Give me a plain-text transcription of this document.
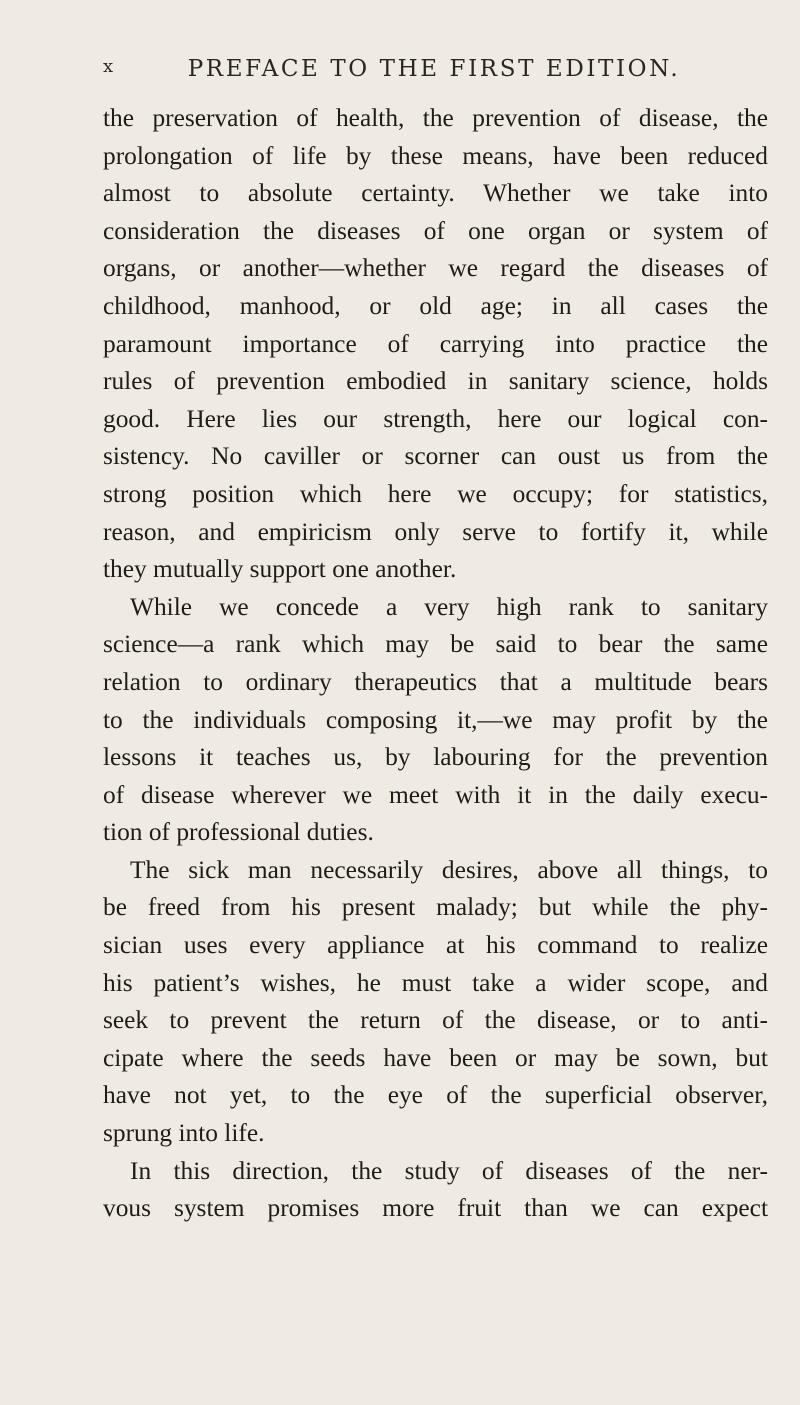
x	PREFACE TO THE FIRST EDITION.

the preservation of health, the prevention of disease, the
prolongation of life by these means, have been reduced
almost to absolute certainty. Whether we take into
consideration the diseases of one organ or system of
organs, or another—whether we regard the diseases of
childhood, manhood, or old age; in all cases the
paramount importance of carrying into practice the
rules of prevention embodied in sanitary science, holds
good. Here lies our strength, here our logical con-
sistency. No caviller or scorner can oust us from the
strong position which here we occupy; for statistics,
reason, and empiricism only serve to fortify it, while
they mutually support one another.

While we concede a very high rank to sanitary
science—a rank which may be said to bear the same
relation to ordinary therapeutics that a multitude bears
to the individuals composing it,—we may profit by the
lessons it teaches us, by labouring for the prevention
of disease wherever we meet with it in the daily execu-
tion of professional duties.

The sick man necessarily desires, above all things, to
be freed from his present malady; but while the phy-
sician uses every appliance at his command to realize
his patient’s wishes, he must take a wider scope, and
seek to prevent the return of the disease, or to anti-
cipate where the seeds have been or may be sown, but
have not yet, to the eye of the superficial observer,
sprung into life.

In this direction, the study of diseases of the ner-
vous system promises more fruit than we can expect
